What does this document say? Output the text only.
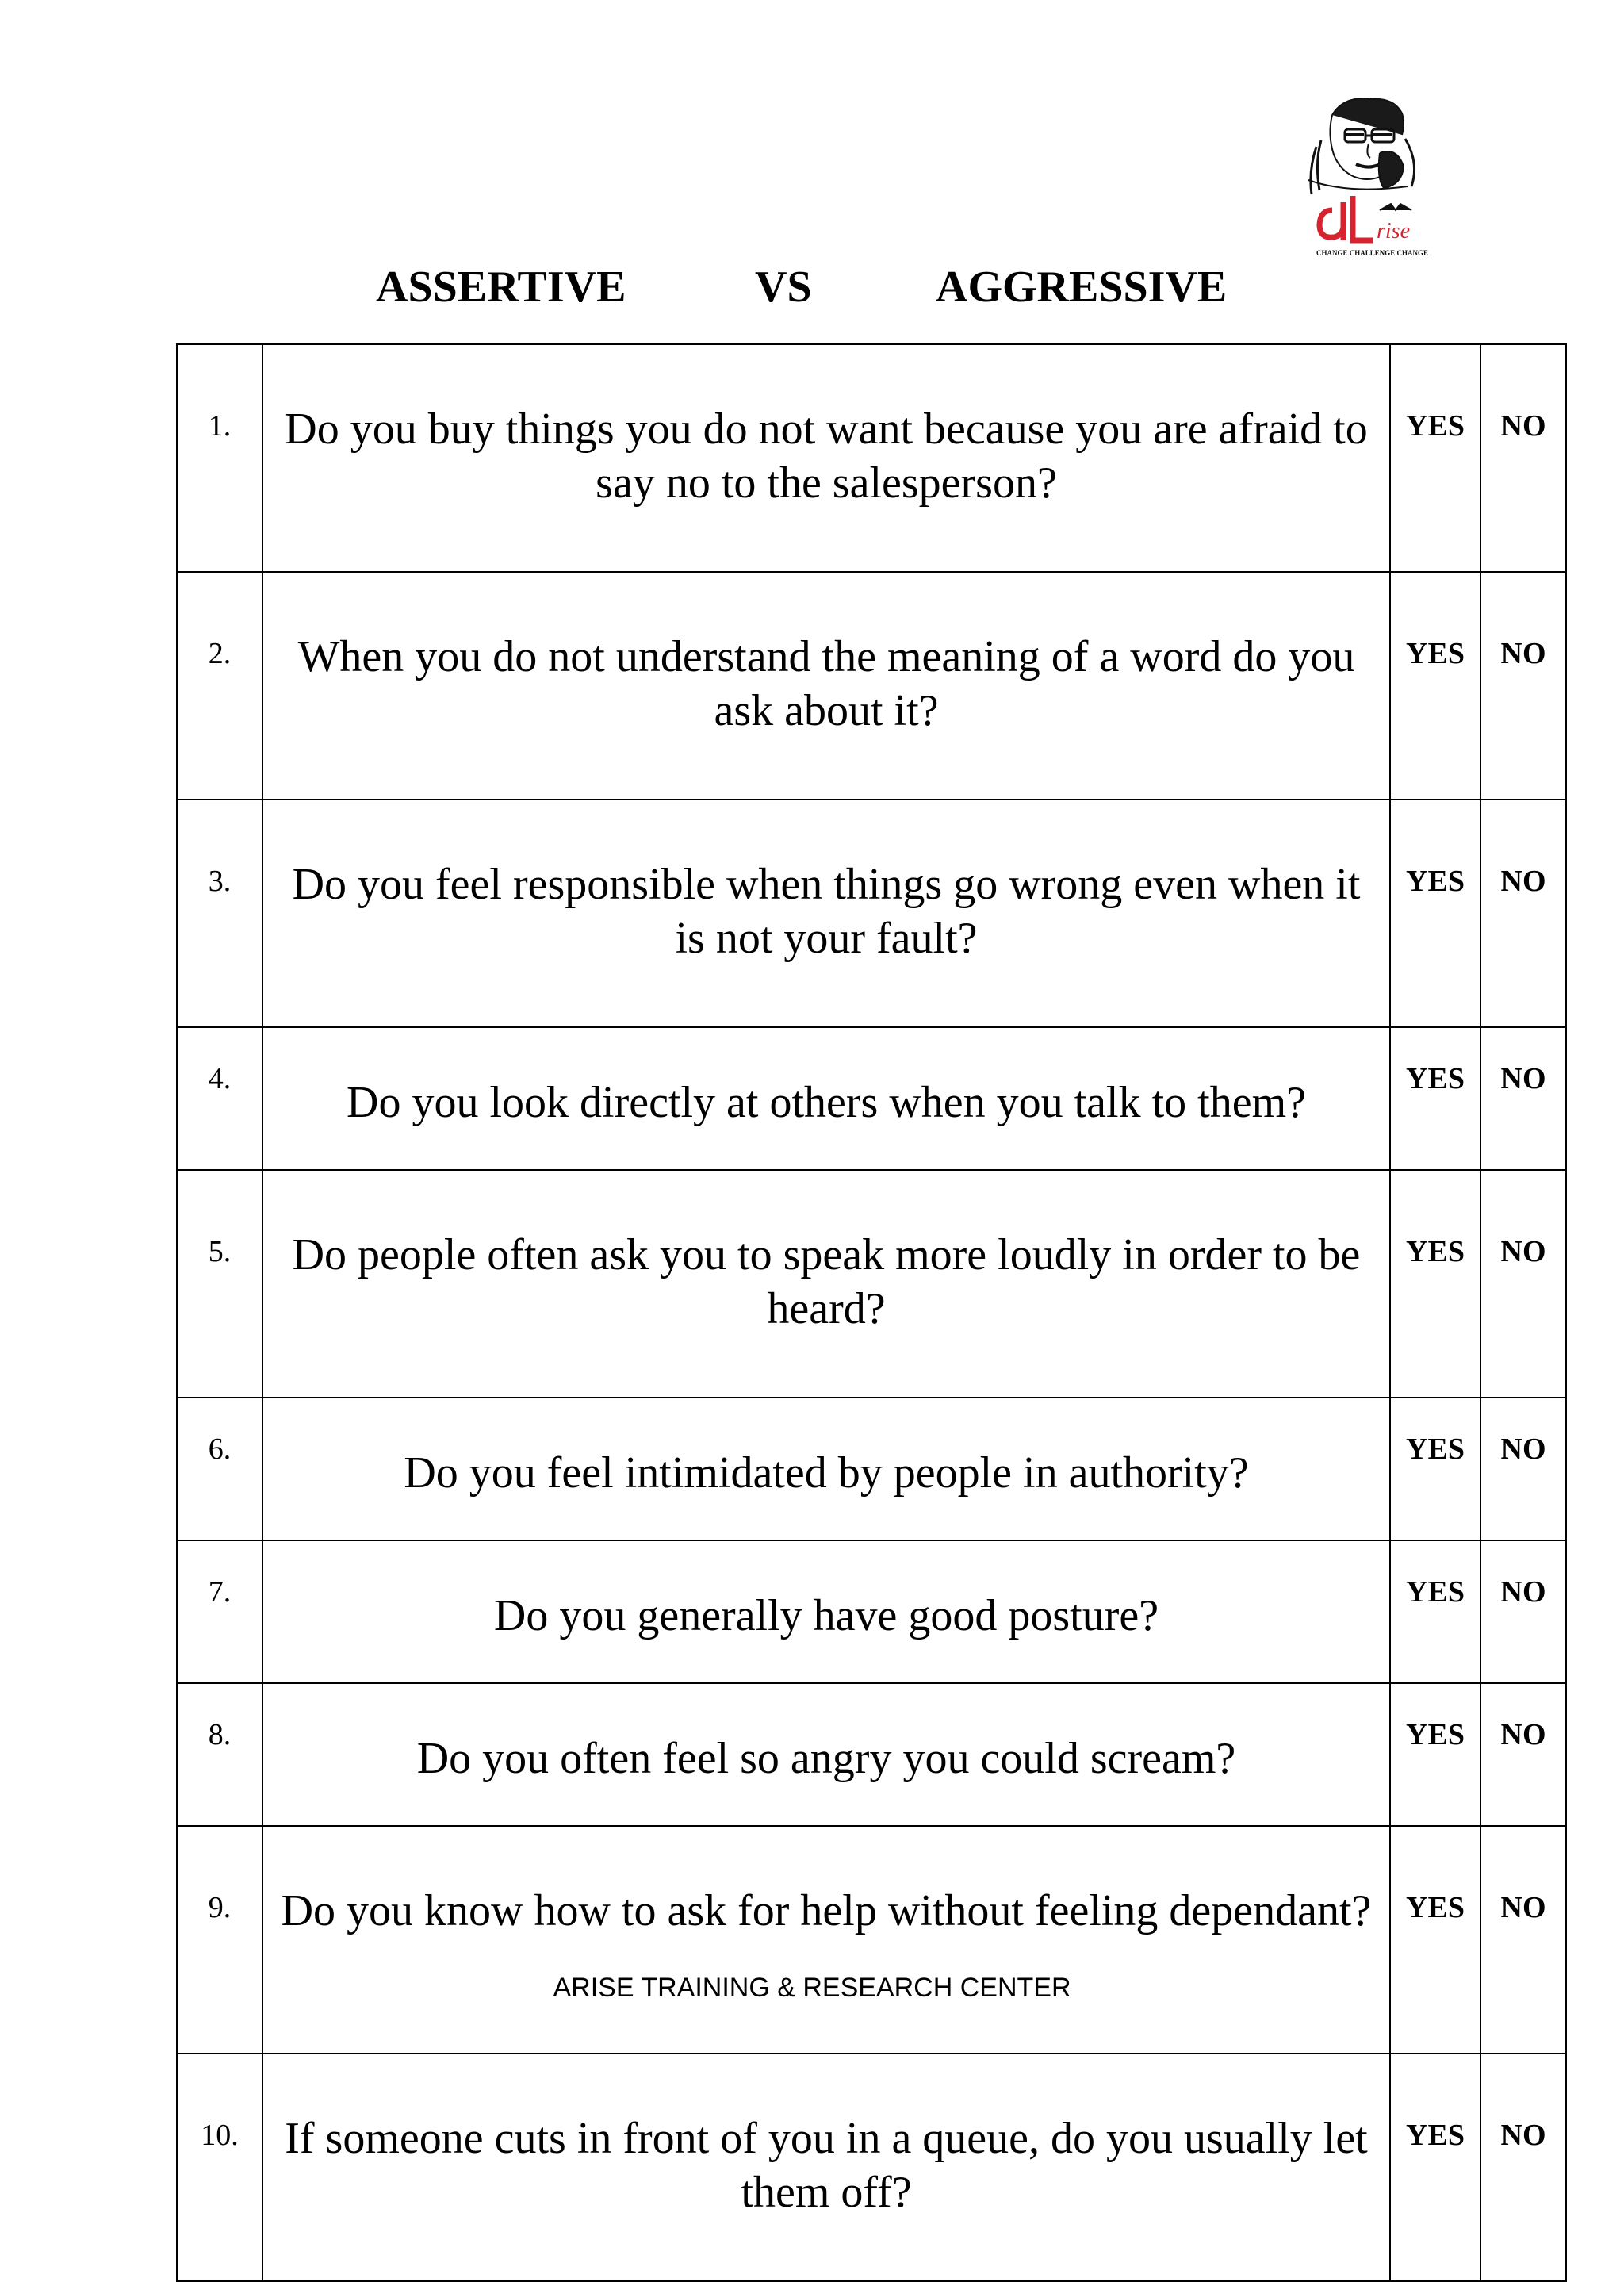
rise
CHANGE CHALLENGE CHANGE
ASSERTIVE	VS	AGGRESSIVE
1.	Do you buy things you do not want because you are afraid to say no to the salesperson?	YES	NO
2.	When you do not understand the meaning of a word do you ask about it?	YES	NO
3.	Do you feel responsible when things go wrong even when it is not your fault?	YES	NO
4.	Do you look directly at others when you talk to them?	YES	NO
5.	Do people often ask you to speak more loudly in order to be heard?	YES	NO
6.	Do you feel intimidated by people in authority?	YES	NO
7.	Do you generally have good posture?	YES	NO
8.	Do you often feel so angry you could scream?	YES	NO
9.	Do you know how to ask for help without feeling dependant?	YES	NO
10.	If someone cuts in front of you in a queue, do you usually let them off?	YES	NO
ARISE TRAINING & RESEARCH CENTER
